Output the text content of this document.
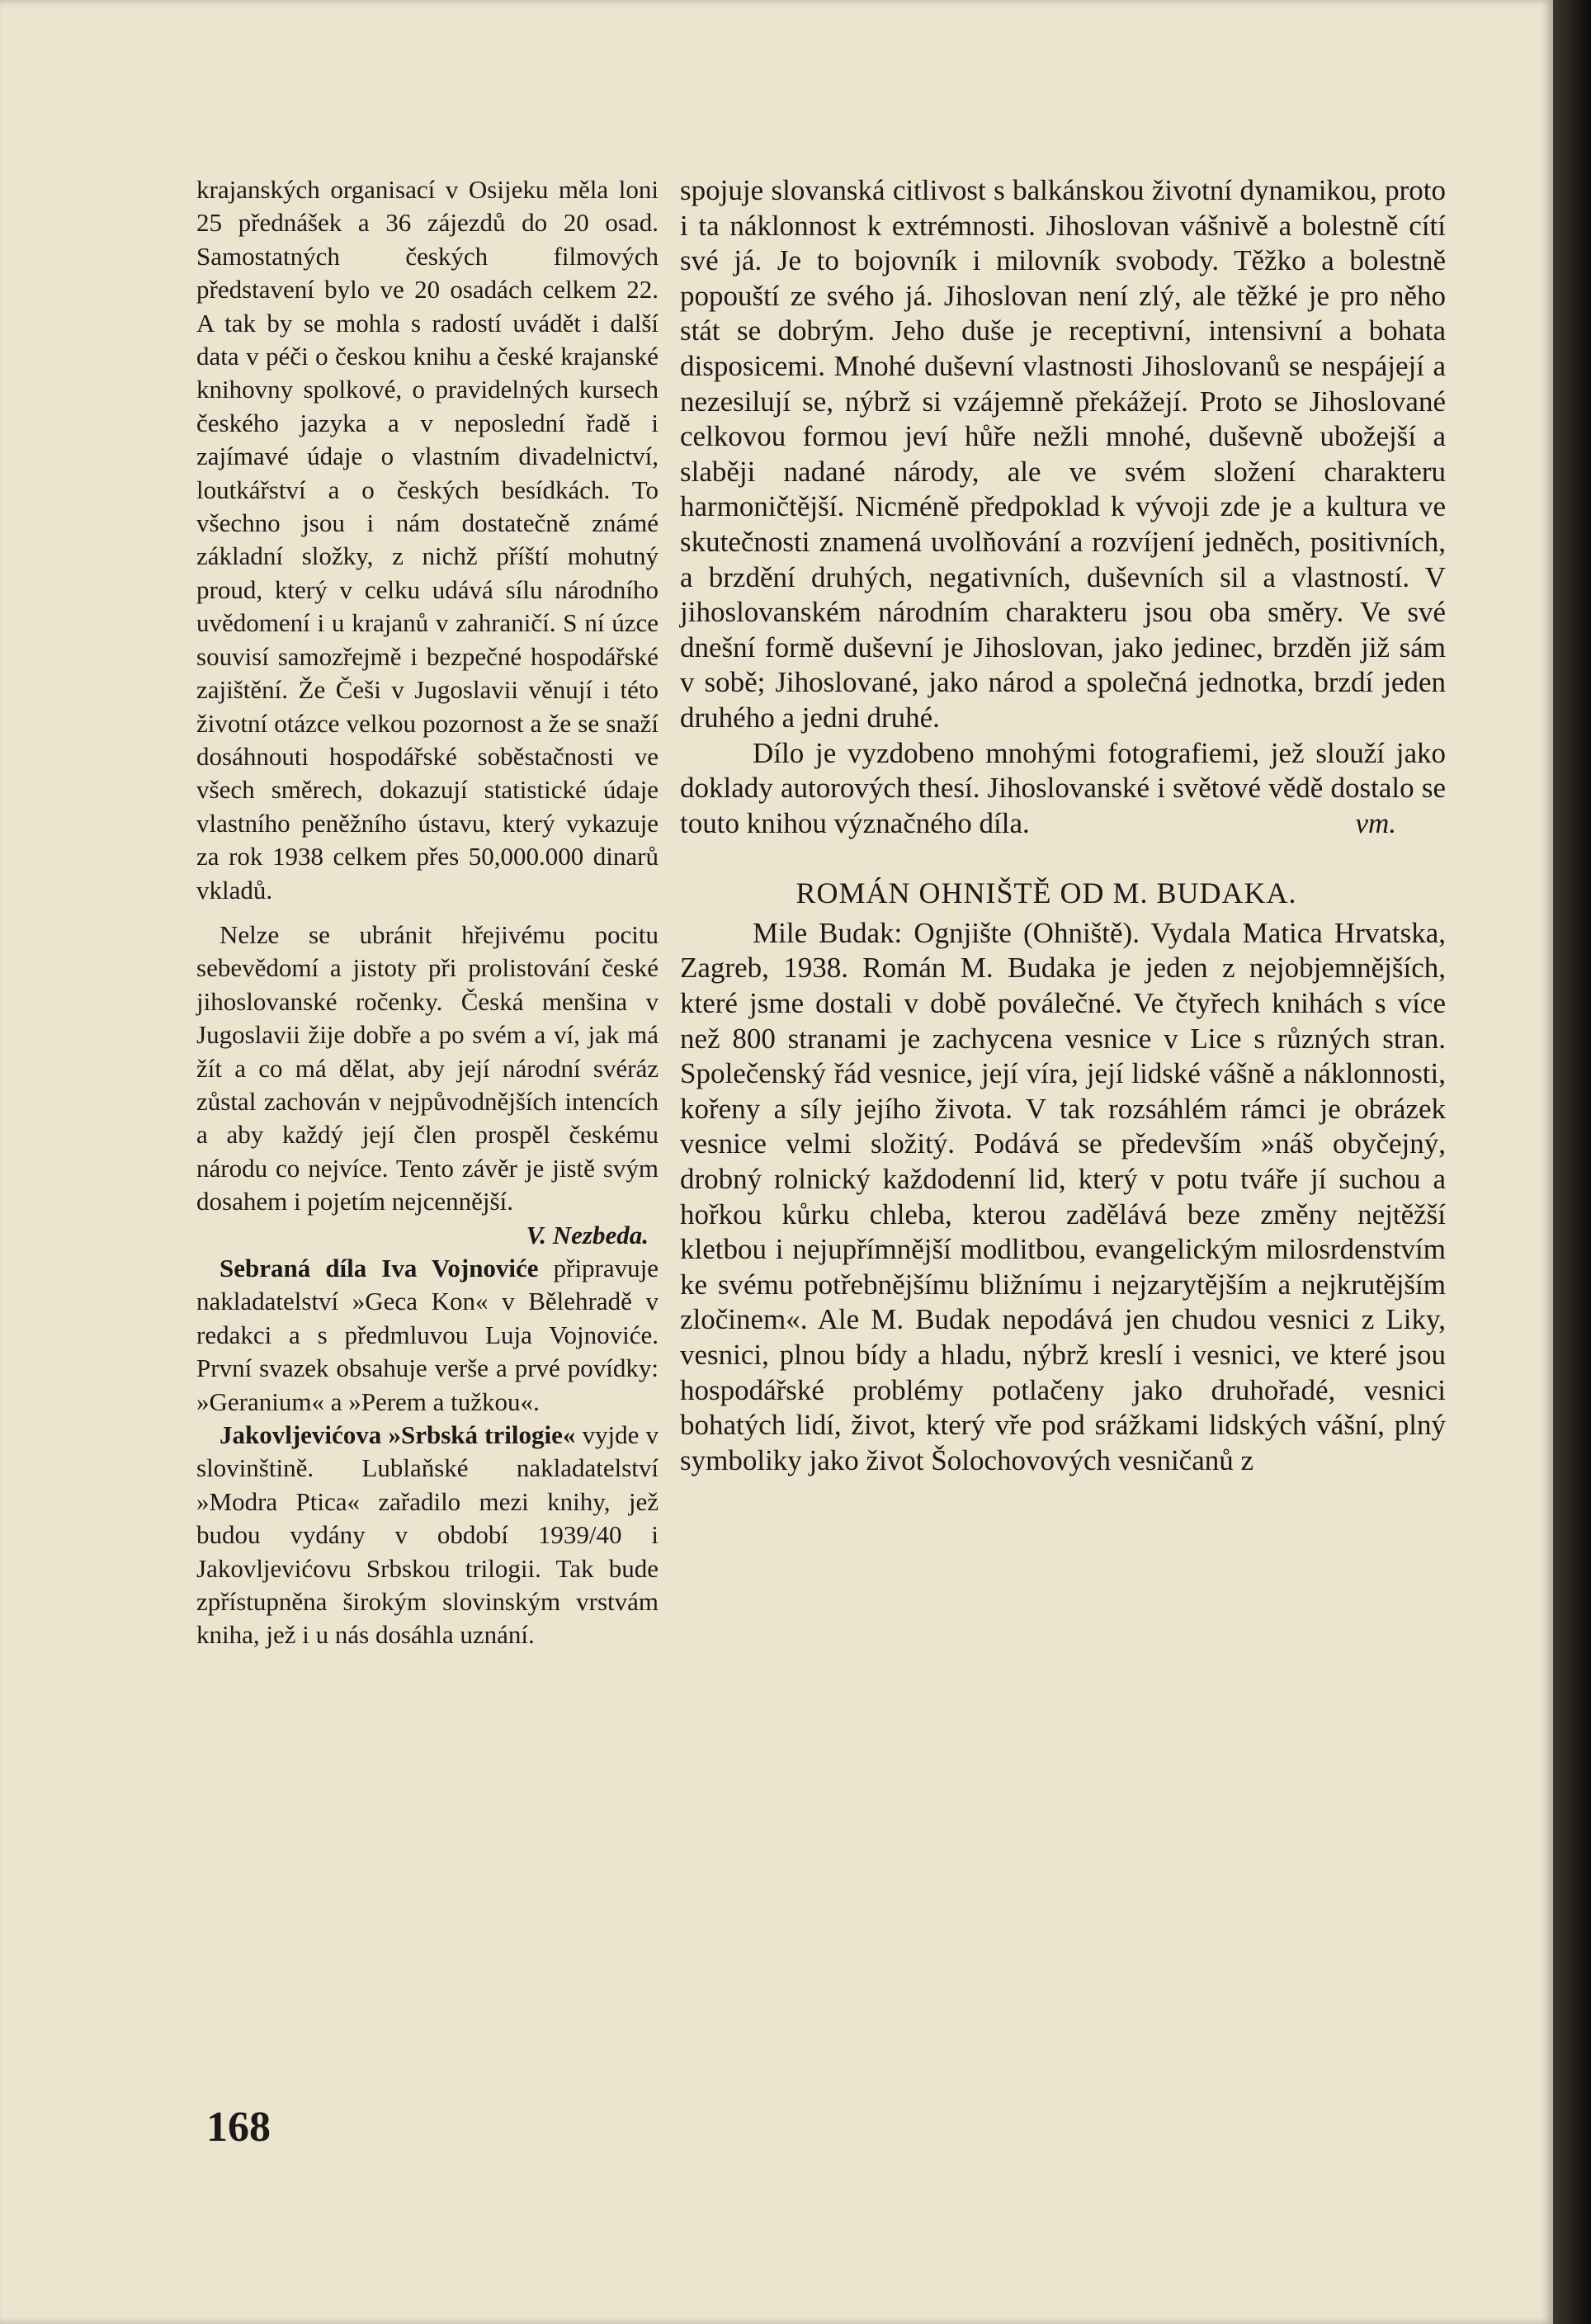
krajanských organisací v Osijeku měla loni 25 přednášek a 36 zájezdů do 20 osad. Samostatných českých filmových představení bylo ve 20 osadách celkem 22. A tak by se mohla s radostí uvádět i další data v péči o českou knihu a české krajanské knihovny spolkové, o pravidelných kursech českého jazyka a v neposlední řadě i zajímavé údaje o vlastním divadelnictví, loutkářství a o českých besídkách. To všechno jsou i nám dostatečně známé základní složky, z nichž příští mohutný proud, který v celku udává sílu národního uvědomení i u krajanů v zahraničí. S ní úzce souvisí samozřejmě i bezpečné hospodářské zajištění. Že Češi v Jugoslavii věnují i této životní otázce velkou pozornost a že se snaží dosáhnouti hospodářské soběstačnosti ve všech směrech, dokazují statistické údaje vlastního peněžního ústavu, který vykazuje za rok 1938 celkem přes 50,000.000 dinarů vkladů.

Nelze se ubránit hřejivému pocitu sebevědomí a jistoty při prolistování české jihoslovanské ročenky. Česká menšina v Jugoslavii žije dobře a po svém a ví, jak má žít a co má dělat, aby její národní svéráz zůstal zachován v nejpůvodnějších intencích a aby každý její člen prospěl českému národu co nejvíce. Tento závěr je jistě svým dosahem i pojetím nejcennější.

V. Nezbeda.

Sebraná díla Iva Vojnoviće připravuje nakladatelství »Geca Kon« v Bělehradě v redakci a s předmluvou Luja Vojnoviće. První svazek obsahuje verše a prvé povídky: »Geranium« a »Perem a tužkou«.

Jakovljevićova »Srbská trilogie« vyjde v slovinštině. Lublaňské nakladatelství »Modra Ptica« zařadilo mezi knihy, jež budou vydány v období 1939/40 i Jakovljevićovu Srbskou trilogii. Tak bude zpřístupněna širokým slovinským vrstvám kniha, jež i u nás dosáhla uznání.

spojuje slovanská citlivost s balkánskou životní dynamikou, proto i ta náklonnost k extrémnosti. Jihoslovan vášnivě a bolestně cítí své já. Je to bojovník i milovník svobody. Těžko a bolestně popouští ze svého já. Jihoslovan není zlý, ale těžké je pro něho stát se dobrým. Jeho duše je receptivní, intensivní a bohata disposicemi. Mnohé duševní vlastnosti Jihoslovanů se nespájejí a nezesilují se, nýbrž si vzájemně překážejí. Proto se Jihoslované celkovou formou jeví hůře nežli mnohé, duševně ubožejší a slaběji nadané národy, ale ve svém složení charakteru harmoničtější. Nicméně předpoklad k vývoji zde je a kultura ve skutečnosti znamená uvolňování a rozvíjení jedněch, positivních, a brzdění druhých, negativních, duševních sil a vlastností. V jihoslovanském národním charakteru jsou oba směry. Ve své dnešní formě duševní je Jihoslovan, jako jedinec, brzděn již sám v sobě; Jihoslované, jako národ a společná jednotka, brzdí jeden druhého a jedni druhé.

Dílo je vyzdobeno mnohými fotografiemi, jež slouží jako doklady autorových thesí. Jihoslovanské i světové vědě dostalo se touto knihou význačného díla.	vm.

ROMÁN OHNIŠTĚ OD M. BUDAKA.

Mile Budak: Ognjište (Ohniště). Vydala Matica Hrvatska, Zagreb, 1938. Román M. Budaka je jeden z nejobjemnějších, které jsme dostali v době poválečné. Ve čtyřech knihách s více než 800 stranami je zachycena vesnice v Lice s různých stran. Společenský řád vesnice, její víra, její lidské vášně a náklonnosti, kořeny a síly jejího života. V tak rozsáhlém rámci je obrázek vesnice velmi složitý. Podává se především »náš obyčejný, drobný rolnický každodenní lid, který v potu tváře jí suchou a hořkou kůrku chleba, kterou zadělává beze změny nejtěžší kletbou i nejupřímnější modlitbou, evangelickým milosrdenstvím ke svému potřebnějšímu bližnímu i nejzarytějším a nejkrutějším zločinem«. Ale M. Budak nepodává jen chudou vesnici z Liky, vesnici, plnou bídy a hladu, nýbrž kreslí i vesnici, ve které jsou hospodářské problémy potlačeny jako druhořadé, vesnici bohatých lidí, život, který vře pod srážkami lidských vášní, plný symboliky jako život Šolochovových vesničanů z

168
